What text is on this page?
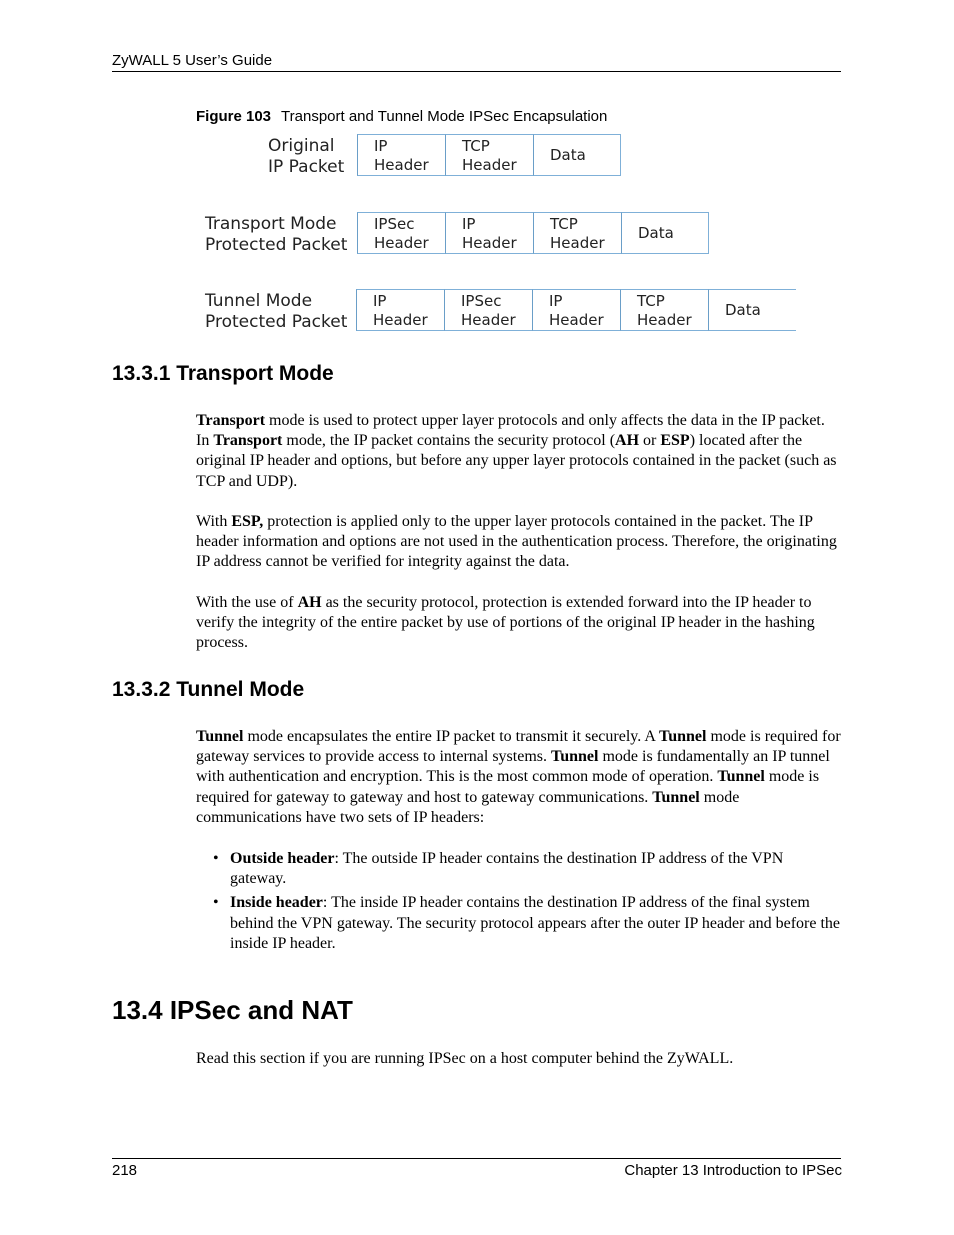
ZyWALL 5 User’s Guide
Figure 103 Transport and Tunnel Mode IPSec Encapsulation
Original
IP Packet
IP
Header
TCP
Header
Data
Transport Mode
Protected Packet
IPSec
Header
IP
Header
TCP
Header
Data
Tunnel Mode
Protected Packet
IP
Header
IPSec
Header
IP
Header
TCP
Header
Data
13.3.1 Transport Mode

Transport mode is used to protect upper layer protocols and only affects the data in the IP packet. In Transport mode, the IP packet contains the security protocol (AH or ESP) located after the original IP header and options, but before any upper layer protocols contained in the packet (such as TCP and UDP).

With ESP, protection is applied only to the upper layer protocols contained in the packet. The IP header information and options are not used in the authentication process. Therefore, the originating IP address cannot be verified for integrity against the data.

With the use of AH as the security protocol, protection is extended forward into the IP header to verify the integrity of the entire packet by use of portions of the original IP header in the hashing process.

13.3.2 Tunnel Mode

Tunnel mode encapsulates the entire IP packet to transmit it securely. A Tunnel mode is required for gateway services to provide access to internal systems. Tunnel mode is fundamentally an IP tunnel with authentication and encryption. This is the most common mode of operation. Tunnel mode is required for gateway to gateway and host to gateway communications. Tunnel mode communications have two sets of IP headers:

• Outside header: The outside IP header contains the destination IP address of the VPN gateway.
• Inside header: The inside IP header contains the destination IP address of the final system behind the VPN gateway. The security protocol appears after the outer IP header and before the inside IP header.
13.4 IPSec and NAT

Read this section if you are running IPSec on a host computer behind the ZyWALL.

218	Chapter 13 Introduction to IPSec
